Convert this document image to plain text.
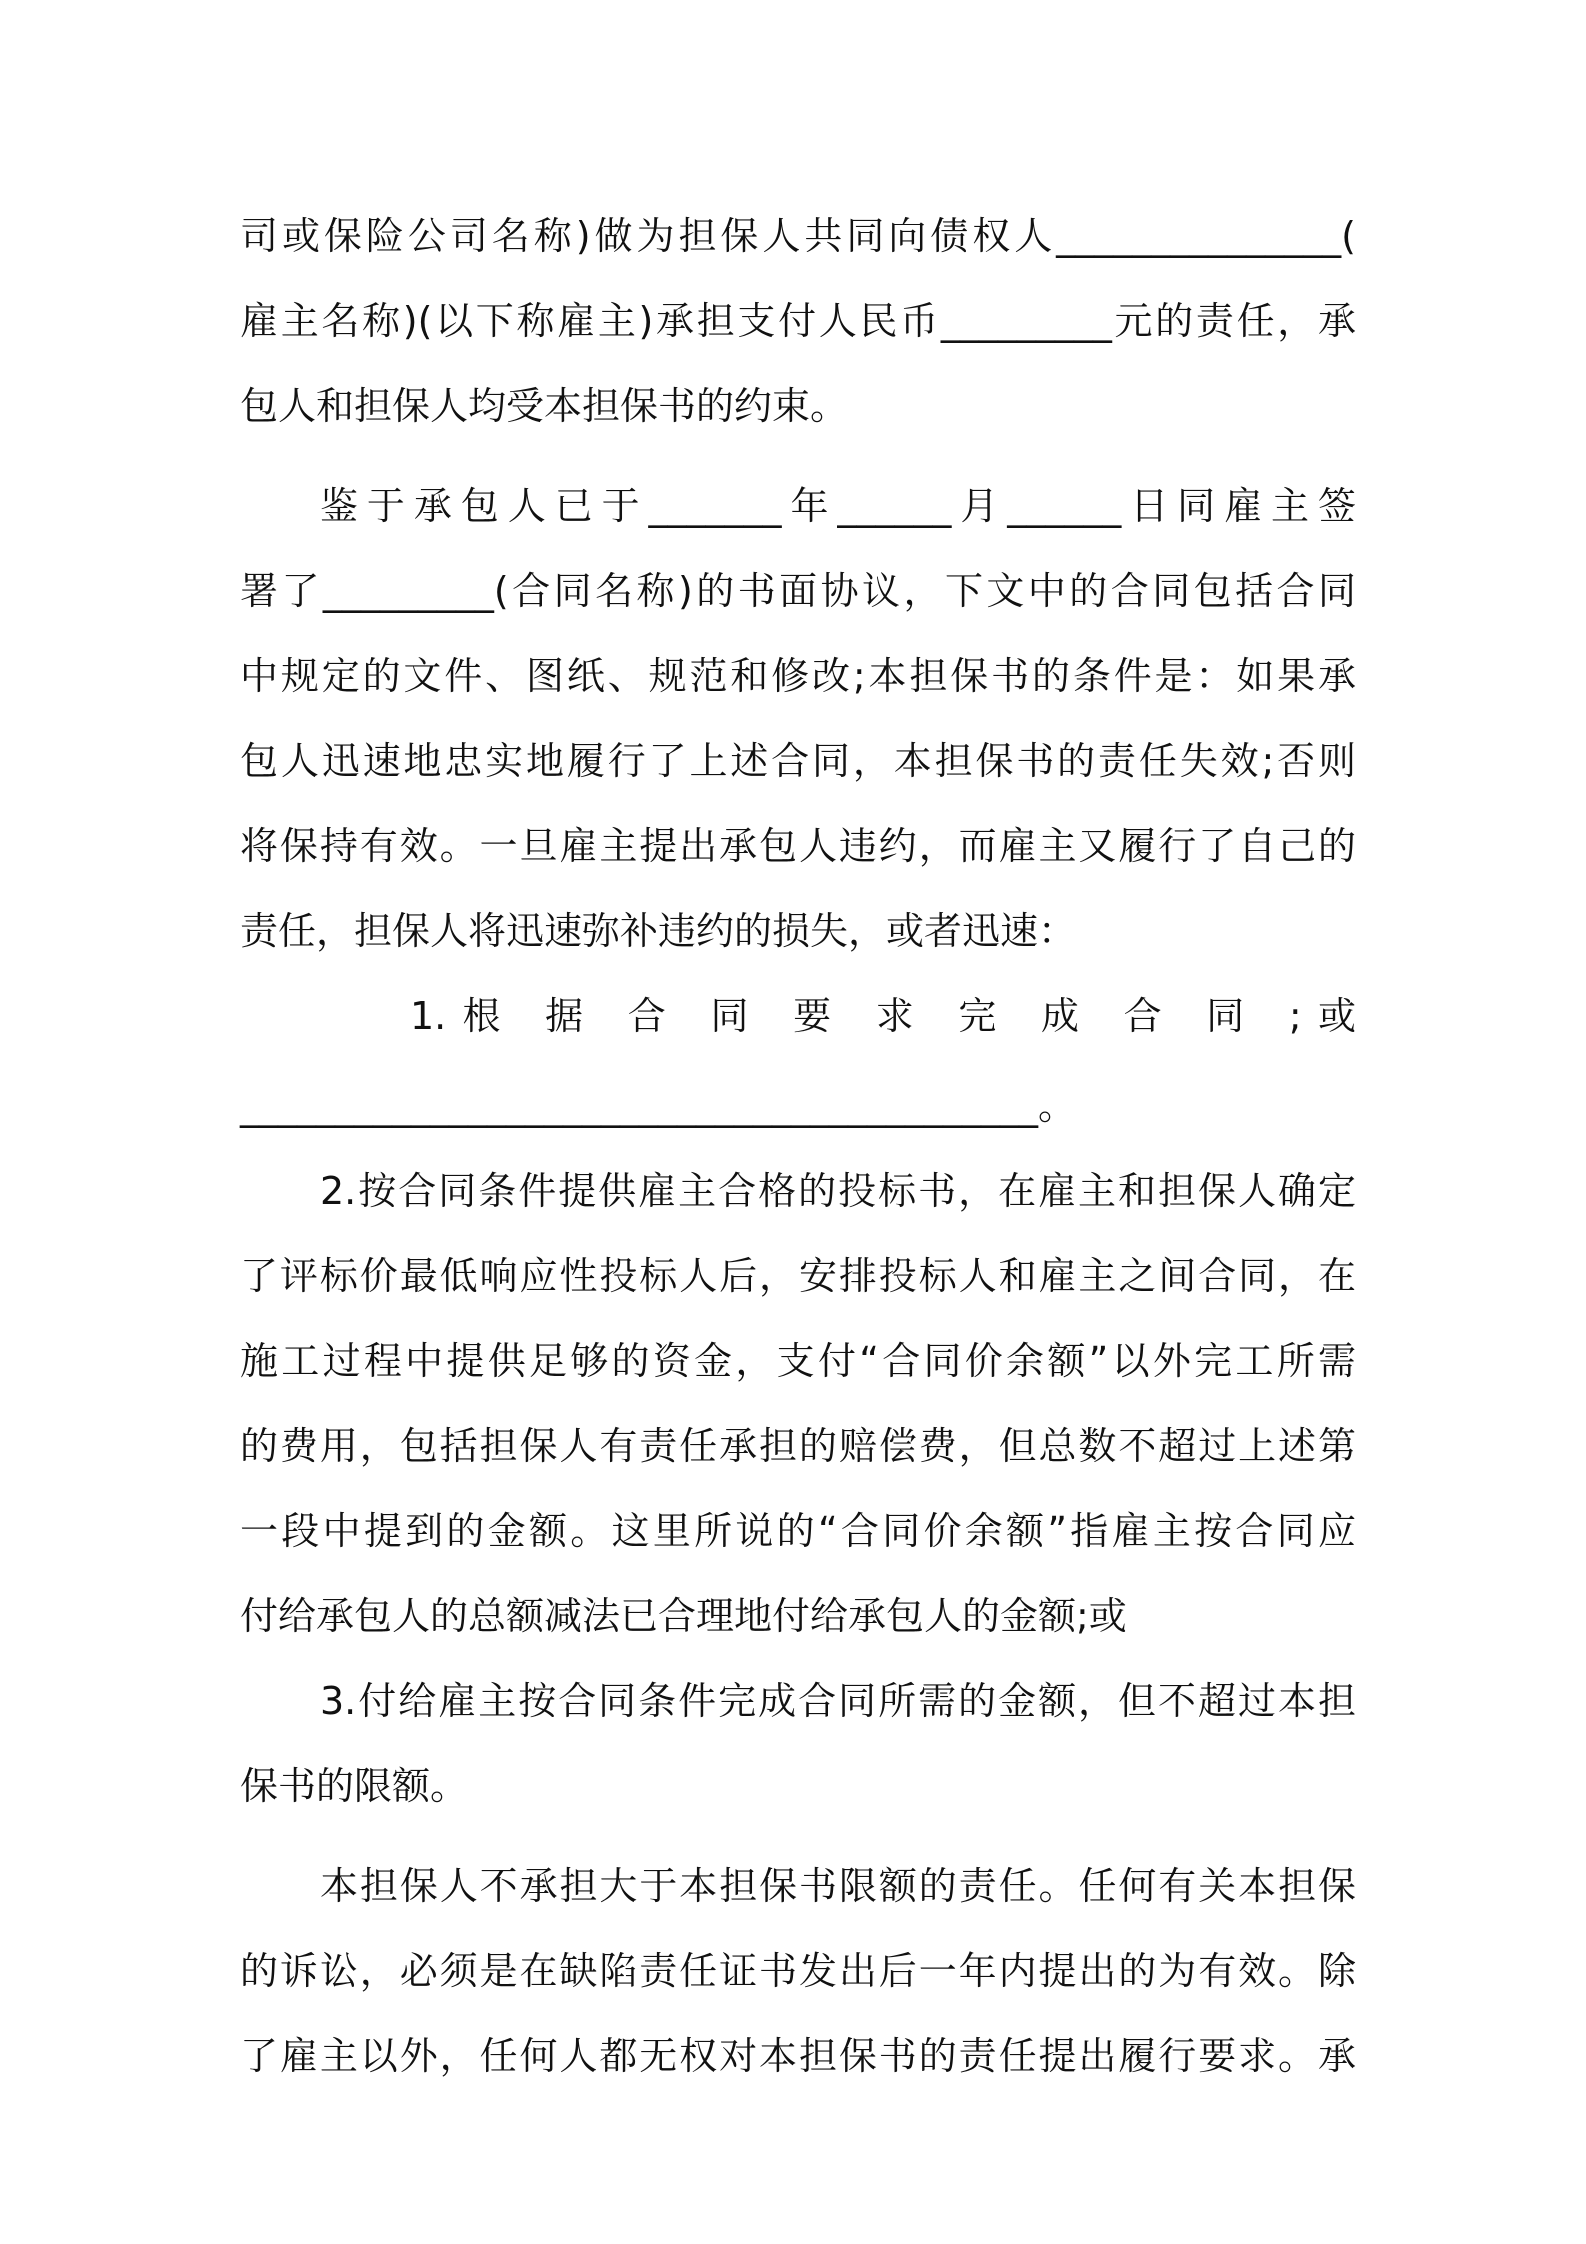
司或保险公司名称)做为担保人共同向债权人_______________(
雇主名称)(以下称雇主)承担支付人民币_________元的责任，承
包人和担保人均受本担保书的约束。
鉴于承包人已于_______年______月______日同雇主签
署了_________(合同名称)的书面协议，下文中的合同包括合同
中规定的文件、图纸、规范和修改;本担保书的条件是：如果承
包人迅速地忠实地履行了上述合同，本担保书的责任失效;否则
将保持有效。一旦雇主提出承包人违约，而雇主又履行了自己的
责任，担保人将迅速弥补违约的损失，或者迅速：
1.根 据 合 同 要 求 完 成 合 同 ;或
__________________________________________。
2.按合同条件提供雇主合格的投标书，在雇主和担保人确定
了评标价最低响应性投标人后，安排投标人和雇主之间合同，在
施工过程中提供足够的资金，支付“合同价余额”以外完工所需
的费用，包括担保人有责任承担的赔偿费，但总数不超过上述第
一段中提到的金额。这里所说的“合同价余额”指雇主按合同应
付给承包人的总额减法已合理地付给承包人的金额;或
3.付给雇主按合同条件完成合同所需的金额，但不超过本担
保书的限额。
本担保人不承担大于本担保书限额的责任。任何有关本担保
的诉讼，必须是在缺陷责任证书发出后一年内提出的为有效。除
了雇主以外，任何人都无权对本担保书的责任提出履行要求。承
